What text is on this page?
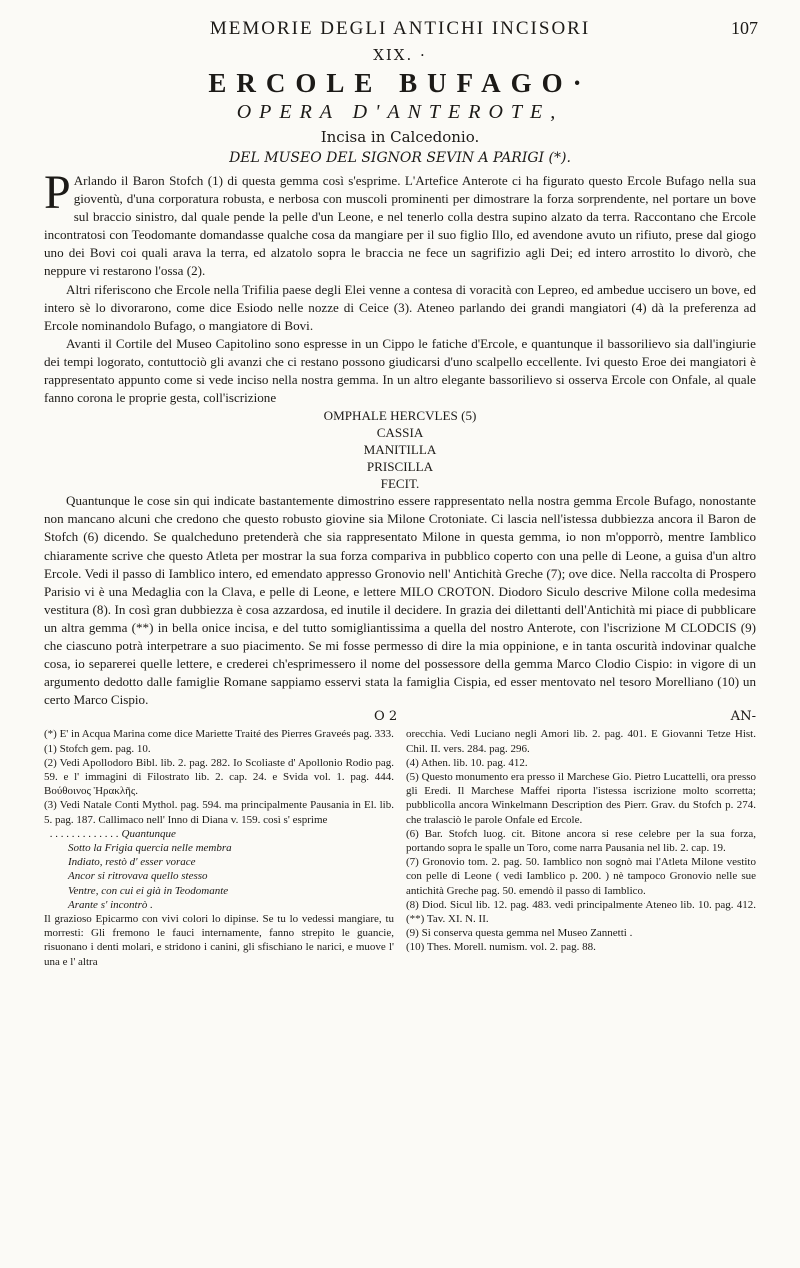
MEMORIE DEGLI ANTICHI INCISORI	107
XIX. ·
ERCOLE BUFAGO·
OPERA D'ANTEROTE,
Incisa in Calcedonio.
DEL MUSEO DEL SIGNOR SEVIN A PARIGI (*).

P Arlando il Baron Stofch (1) di questa gemma così s'esprime. L'Artefice Anterote ci ha figurato questo Ercole Bufago nella sua gioventù, d'una corporatura robusta, e nerbosa con muscoli prominenti per dimostrare la forza sorprendente, nel portare un bove sul braccio sinistro, dal quale pende la pelle d'un Leone, e nel tenerlo colla destra supino alzato da terra. Raccontano che Ercole incontratosi con Teodomante domandasse qualche cosa da mangiare per il suo figlio Illo, ed avendone avuto un rifiuto, prese dal giogo uno dei Bovi coi quali arava la terra, ed alzatolo sopra le braccia ne fece un sagrifizio agli Dei; ed intero arrostito lo divorò, che neppure vi restarono l'ossa (2).

Altri riferiscono che Ercole nella Trifilia paese degli Elei venne a contesa di voracità con Lepreo, ed ambedue uccisero un bove, ed intero sè lo divorarono, come dice Esiodo nelle nozze di Ceice (3). Ateneo parlando dei grandi mangiatori (4) dà la preferenza ad Ercole nominandolo Bufago, o mangiatore di Bovi.

Avanti il Cortile del Museo Capitolino sono espresse in un Cippo le fatiche d'Ercole, e quantunque il bassorilievo sia dall'ingiurie dei tempi logorato, contuttociò gli avanzi che ci restano possono giudicarsi d'uno scalpello eccellente. Ivi questo Eroe dei mangiatori è rappresentato appunto come si vede inciso nella nostra gemma. In un altro elegante bassorilievo si osserva Ercole con Onfale, al quale fanno corona le proprie gesta, coll'iscrizione

OMPHALE HERCVLES (5)
CASSIA
MANITILLA
PRISCILLA
FECIT.

Quantunque le cose sin qui indicate bastantemente dimostrino essere rappresentato nella nostra gemma Ercole Bufago, nonostante non mancano alcuni che credono che questo robusto giovine sia Milone Crotoniate. Ci lascia nell'istessa dubbiezza ancora il Baron de Stofch (6) dicendo. Se qualcheduno pretenderà che sia rappresentato Milone in questa gemma, io non m'opporrò, mentre Iamblico chiaramente scrive che questo Atleta per mostrar la sua forza compariva in pubblico coperto con una pelle di Leone, a guisa d'un altro Ercole. Vedi il passo di Iamblico intero, ed emendato appresso Gronovio nell' Antichità Greche (7); ove dice. Nella raccolta di Prospero Parisio vi è una Medaglia con la Clava, e pelle di Leone, e lettere MILO CROTON. Diodoro Siculo descrive Milone colla medesima vestitura (8). In così gran dubbiezza è cosa azzardosa, ed inutile il decidere. In grazia dei dilettanti dell'Antichità mi piace di pubblicare un altra gemma (**) in bella onice incisa, e del tutto somigliantissima a quella del nostro Anterote, con l'iscrizione M CLODCIS (9) che ciascuno potrà interpetrare a suo piacimento. Se mi fosse permesso di dire la mia oppinione, e in tanta oscurità indovinar qualche cosa, io separerei quelle lettere, e crederei ch'esprimessero il nome del possessore della gemma Marco Clodio Cispio: in vigore di un argumento dedotto dalle famiglie Romane sappiamo esservi stata la famiglia Cispia, ed esser mentovato nel tesoro Morelliano (10) un certo Marco Cispio.

O 2	AN-

(*) E' in Acqua Marina come dice Mariette Traité des Pierres Graveés pag. 333.

(1) Stofch gem. pag. 10.

(2) Vedi Apollodoro Bibl. lib. 2. pag. 282. Io Scoliaste d' Apollonio Rodio pag. 59. e l' immagini di Filostrato lib. 2. cap. 24. e Svida vol. 1. pag. 444. Βούθοινος Ἡρακλῆς.

(3) Vedi Natale Conti Mythol. pag. 594. ma principalmente Pausania in El. lib. 5. pag. 187. Callimaco nell' Inno di Diana v. 159. così s' esprime

. . . . . . . . . . . . . Quantunque

Sotto la Frigia quercia nelle membra

Indiato, restò d' esser vorace

Ancor si ritrovava quello stesso

Ventre, con cui ei già in Teodomante

Arante s' incontrò .

Il grazioso Epicarmo con vivi colori lo dipinse. Se tu lo vedessi mangiare, tu morresti: Gli fremono le fauci internamente, fanno strepito le guancie, risuonano i denti molari, e stridono i canini, gli sfischiano le narici, e muove l' una e l' altra

orecchia. Vedi Luciano negli Amori lib. 2. pag. 401. E Giovanni Tetze Hist. Chil. II. vers. 284. pag. 296.

(4) Athen. lib. 10. pag. 412.

(5) Questo monumento era presso il Marchese Gio. Pietro Lucattelli, ora presso gli Eredi. Il Marchese Maffei riporta l'istessa iscrizione molto scorretta; pubblicolla ancora Winkelmann Description des Pierr. Grav. du Stofch p. 274. che tralasciò le parole Onfale ed Ercole.

(6) Bar. Stofch luog. cit. Bitone ancora si rese celebre per la sua forza, portando sopra le spalle un Toro, come narra Pausania nel lib. 2. cap. 19.

(7) Gronovio tom. 2. pag. 50. Iamblico non sognò mai l'Atleta Milone vestito con pelle di Leone ( vedi Iamblico p. 200. ) nè tampoco Gronovio nelle sue antichità Greche pag. 50. emendò il passo di Iamblico.

(8) Diod. Sicul lib. 12. pag. 483. vedi principalmente Ateneo lib. 10. pag. 412. (**) Tav. XI. N. II.

(9) Si conserva questa gemma nel Museo Zannetti .

(10) Thes. Morell. numism. vol. 2. pag. 88.
